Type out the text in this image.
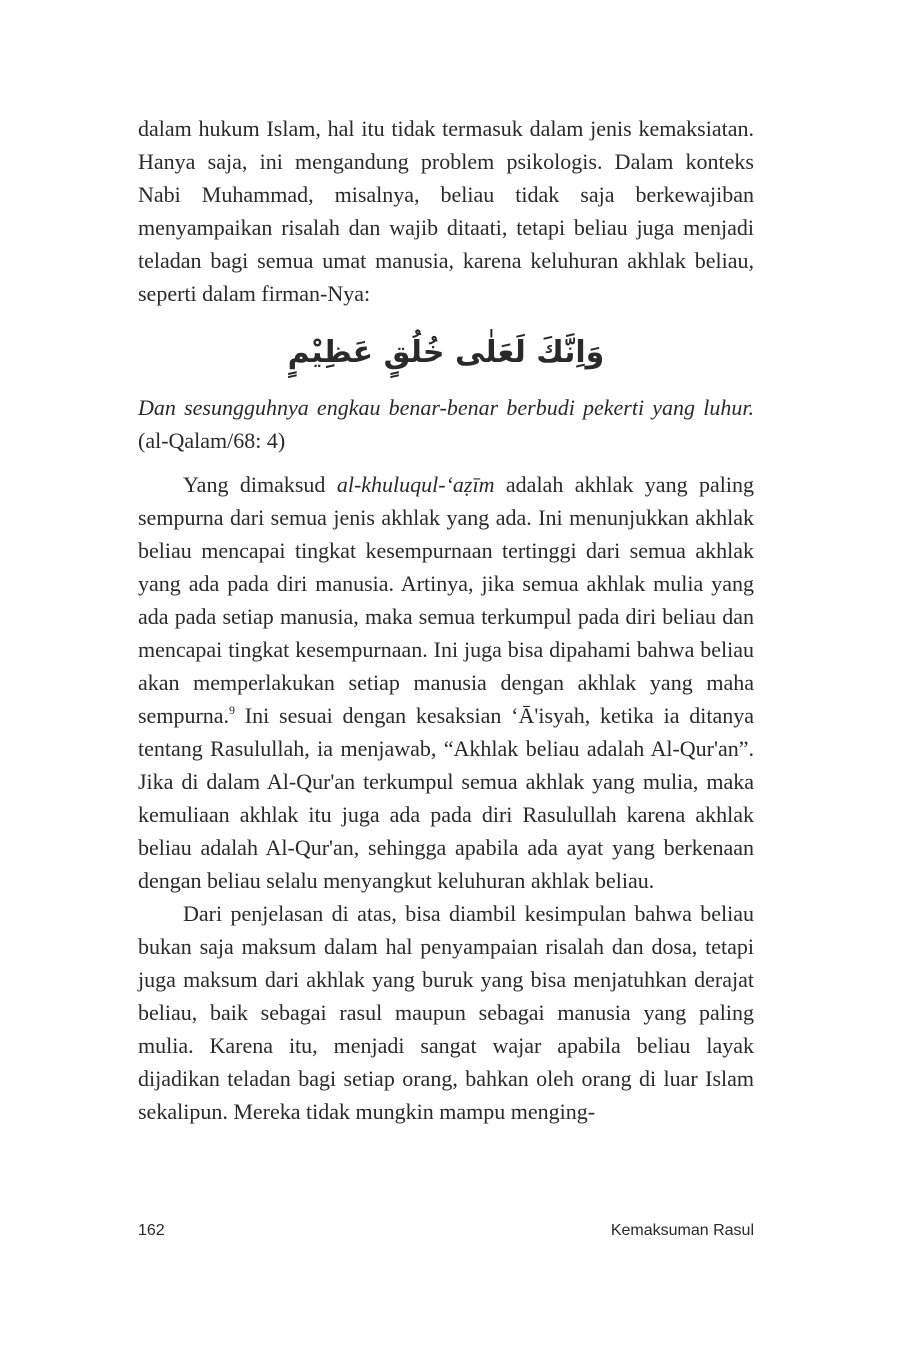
dalam hukum Islam, hal itu tidak termasuk dalam jenis kemaksiatan. Hanya saja, ini mengandung problem psikologis. Dalam konteks Nabi Muhammad, misalnya, beliau tidak saja berkewajiban menyampaikan risalah dan wajib ditaati, tetapi beliau juga menjadi teladan bagi semua umat manusia, karena keluhuran akhlak beliau, seperti dalam firman-Nya:

وَاِنَّكَ لَعَلٰى خُلُقٍ عَظِيْمٍ

Dan sesungguhnya engkau benar-benar berbudi pekerti yang luhur. (al-Qalam/68: 4)

Yang dimaksud al-khuluqul-‘aẓīm adalah akhlak yang paling sempurna dari semua jenis akhlak yang ada. Ini menunjukkan akhlak beliau mencapai tingkat kesempurnaan tertinggi dari semua akhlak yang ada pada diri manusia. Artinya, jika semua akhlak mulia yang ada pada setiap manusia, maka semua terkumpul pada diri beliau dan mencapai tingkat kesempurnaan. Ini juga bisa dipahami bahwa beliau akan memperlakukan setiap manusia dengan akhlak yang maha sempurna.$^9$ Ini sesuai dengan kesaksian ‘Ā'isyah, ketika ia ditanya tentang Rasulullah, ia menjawab, “Akhlak beliau adalah Al-Qur'an”. Jika di dalam Al-Qur'an terkumpul semua akhlak yang mulia, maka kemuliaan akhlak itu juga ada pada diri Rasulullah karena akhlak beliau adalah Al-Qur'an, sehingga apabila ada ayat yang berkenaan dengan beliau selalu menyangkut keluhuran akhlak beliau.

Dari penjelasan di atas, bisa diambil kesimpulan bahwa beliau bukan saja maksum dalam hal penyampaian risalah dan dosa, tetapi juga maksum dari akhlak yang buruk yang bisa menjatuhkan derajat beliau, baik sebagai rasul maupun sebagai manusia yang paling mulia. Karena itu, menjadi sangat wajar apabila beliau layak dijadikan teladan bagi setiap orang, bahkan oleh orang di luar Islam sekalipun. Mereka tidak mungkin mampu menging-

162	Kemaksuman Rasul
